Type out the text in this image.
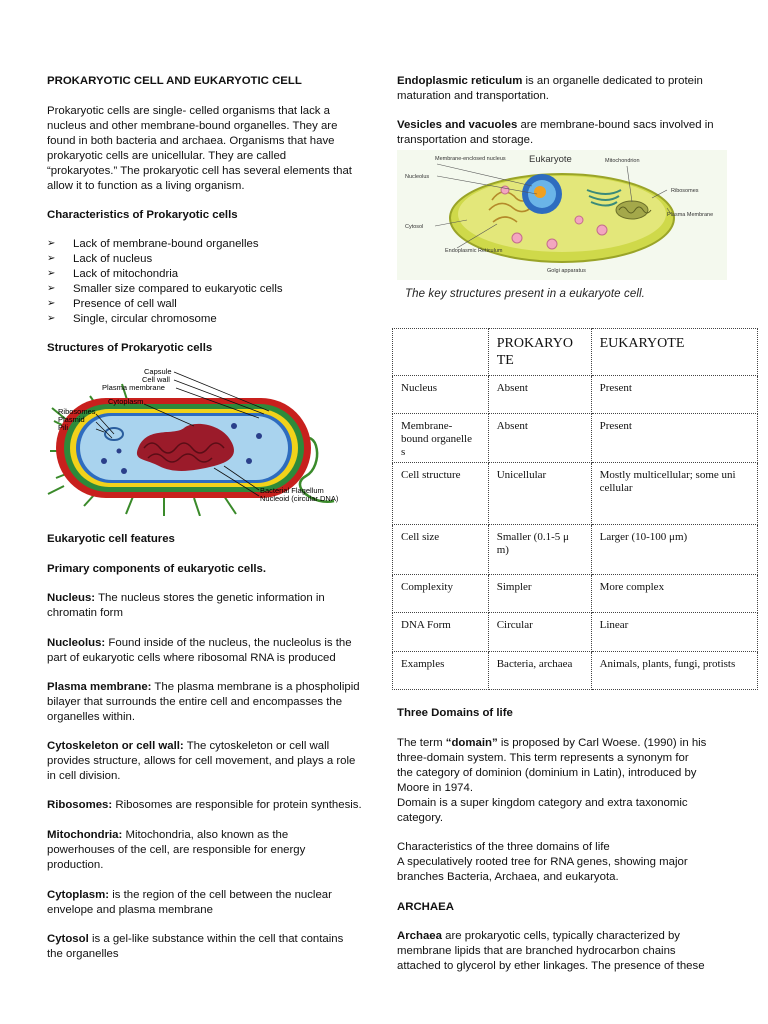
PROKARYOTIC CELL AND EUKARYOTIC CELL

Prokaryotic cells are single- celled organisms that lack a

nucleus and other membrane-bound organelles. They are

found in both bacteria and archaea. Organisms that have

prokaryotic cells are unicellular. They are called

“prokaryotes.” The prokaryotic cell has several elements that

allow it to function as a living organism.

Characteristics of Prokaryotic cells
➢ Lack of membrane-bound organelles
➢ Lack of nucleus
➢ Lack of mitochondria
➢ Smaller size compared to eukaryotic cells
➢ Presence of cell wall
➢ Single, circular chromosome
Structures of Prokaryotic cells
Capsule
Cell wall
Plasma membrane
Cytoplasm
Ribosomes
Plasmid
Pili
Bacterial Flagellum
Nucleoid (circular DNA)
Eukaryotic cell features
Primary components of eukaryotic cells.

Nucleus: The nucleus stores the genetic information in

chromatin form

Nucleolus: Found inside of the nucleus, the nucleolus is the

part of eukaryotic cells where ribosomal RNA is produced

Plasma membrane: The plasma membrane is a phospholipid

bilayer that surrounds the entire cell and encompasses the

organelles within.

Cytoskeleton or cell wall: The cytoskeleton or cell wall

provides structure, allows for cell movement, and plays a role

in cell division.

Ribosomes: Ribosomes are responsible for protein synthesis.

Mitochondria: Mitochondria, also known as the

powerhouses of the cell, are responsible for energy

production.

Cytoplasm: is the region of the cell between the nuclear

envelope and plasma membrane

Cytosol is a gel-like substance within the cell that contains

the organelles

Endoplasmic reticulum is an organelle dedicated to protein

maturation and transportation.

Vesicles and vacuoles are membrane-bound sacs involved in

transportation and storage.

Eukaryote
Membrane-enclosed nucleus
Nucleolus
Mitochondrion
Ribosomes
Plasma Membrane
Cytosol
Endoplasmic Reticulum
Golgi apparatus
The key structures present in a eukaryote cell.
	PROKARYO
TE	EUKARYOTE
Nucleus	Absent	Present
Membrane-
bound organelle
s	Absent	Present
Cell structure	Unicellular	Mostly multicellular; some uni
cellular
Cell size	Smaller (0.1-5 μ
m)	Larger (10-100 μm)
Complexity	Simpler	More complex
DNA Form	Circular	Linear
Examples	Bacteria, archaea	Animals, plants, fungi, protists
Three Domains of life

The term “domain” is proposed by Carl Woese. (1990) in his

three-domain system. This term represents a synonym for

the category of dominion (dominium in Latin), introduced by

Moore in 1974.

Domain is a super kingdom category and extra taxonomic

category.

Characteristics of the three domains of life

A speculatively rooted tree for RNA genes, showing major

branches Bacteria, Archaea, and eukaryota.

ARCHAEA

Archaea are prokaryotic cells, typically characterized by

membrane lipids that are branched hydrocarbon chains

attached to glycerol by ether linkages. The presence of these
